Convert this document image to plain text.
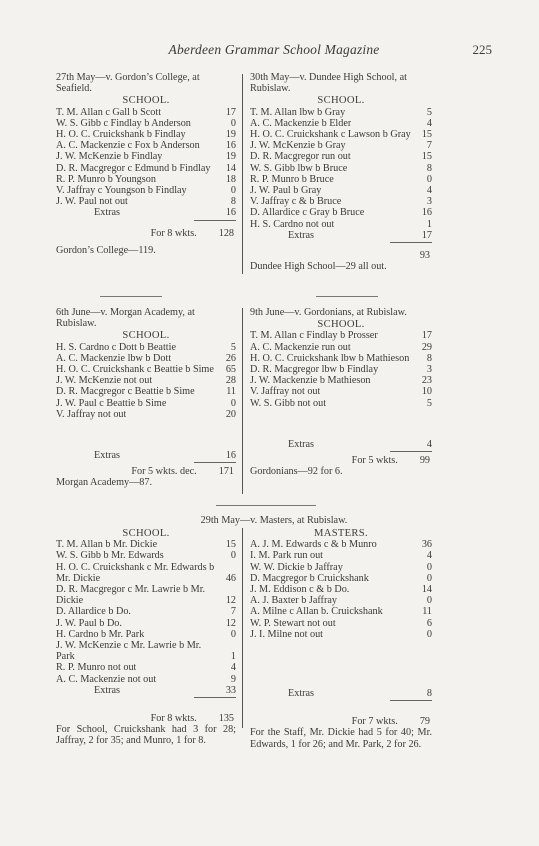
Aberdeen Grammar School Magazine	225
27th May—v. Gordon’s College, at Seafield.
SCHOOL.
T. M. Allan c Gall b Scott	17
W. S. Gibb c Findlay b Anderson	0
H. O. C. Cruickshank b Findlay	19
A. C. Mackenzie c Fox b Anderson	16
J. W. McKenzie b Findlay	19
D. R. Macgregor c Edmund b Findlay	14
R. P. Munro b Youngson	18
V. Jaffray c Youngson b Findlay	0
J. W. Paul not out	8
Extras	16
For 8 wkts. 128
Gordon’s College—119.
30th May—v. Dundee High School, at Rubislaw.
SCHOOL.
T. M. Allan lbw b Gray	5
A. C. Mackenzie b Elder	4
H. O. C. Cruickshank c Lawson b Gray	15
J. W. McKenzie b Gray	7
D. R. Macgregor run out	15
W. S. Gibb lbw b Bruce	8
R. P. Munro b Bruce	0
J. W. Paul b Gray	4
V. Jaffray c & b Bruce	3
D. Allardice c Gray b Bruce	16
H. S. Cardno not out	1
Extras	17
93
Dundee High School—29 all out.
6th June—v. Morgan Academy, at Rubislaw.
SCHOOL.
H. S. Cardno c Dott b Beattie	5
A. C. Mackenzie lbw b Dott	26
H. O. C. Cruickshank c Beattie b Sime	65
J. W. McKenzie not out	28
D. R. Macgregor c Beattie b Sime	11
J. W. Paul c Beattie b Sime	0
V. Jaffray not out	20
Extras	16
For 5 wkts. dec. 171
Morgan Academy—87.
9th June—v. Gordonians, at Rubislaw.
SCHOOL.
T. M. Allan c Findlay b Prosser	17
A. C. Mackenzie run out	29
H. O. C. Cruickshank lbw b Mathieson	8
D. R. Macgregor lbw b Findlay	3
J. W. Mackenzie b Mathieson	23
V. Jaffray not out	10
W. S. Gibb not out	5
Extras	4
For 5 wkts. 99
Gordonians—92 for 6.
29th May—v. Masters, at Rubislaw.
SCHOOL.
T. M. Allan b Mr. Dickie	15
W. S. Gibb b Mr. Edwards	0
H. O. C. Cruickshank c Mr. Edwards b Mr. Dickie	46
D. R. Macgregor c Mr. Lawrie b Mr. Dickie	12
D. Allardice b Do.	7
J. W. Paul b Do.	12
H. Cardno b Mr. Park	0
J. W. McKenzie c Mr. Lawrie b Mr. Park	1
R. P. Munro not out	4
A. C. Mackenzie not out	9
Extras	33
For 8 wkts. 135
For School, Cruickshank had 3 for 28; Jaffray, 2 for 35; and Munro, 1 for 8.
MASTERS.
A. J. M. Edwards c & b Munro	36
I. M. Park run out	4
W. W. Dickie b Jaffray	0
D. Macgregor b Cruickshank	0
J. M. Eddison c & b Do.	14
A. J. Baxter b Jaffray	0
A. Milne c Allan b. Cruickshank	11
W. P. Stewart not out	6
J. I. Milne not out	0
Extras	8
For 7 wkts. 79
For the Staff, Mr. Dickie had 5 for 40; Mr. Edwards, 1 for 26; and Mr. Park, 2 for 26.
